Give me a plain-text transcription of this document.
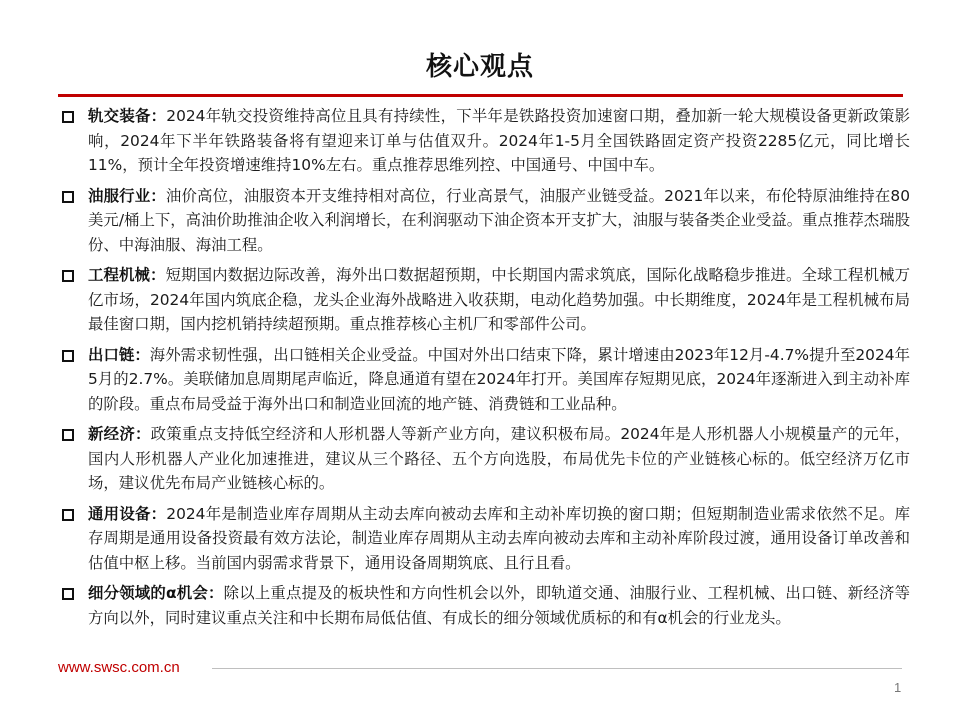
核心观点
轨交装备：2024年轨交投资维持高位且具有持续性，下半年是铁路投资加速窗口期，叠加新一轮大规模设备更新政策影响，2024年下半年铁路装备将有望迎来订单与估值双升。2024年1-5月全国铁路固定资产投资2285亿元，同比增长11%，预计全年投资增速维持10%左右。重点推荐思维列控、中国通号、中国中车。
油服行业：油价高位，油服资本开支维持相对高位，行业高景气，油服产业链受益。2021年以来，布伦特原油维持在80美元/桶上下，高油价助推油企收入利润增长，在利润驱动下油企资本开支扩大，油服与装备类企业受益。重点推荐杰瑞股份、中海油服、海油工程。
工程机械：短期国内数据边际改善，海外出口数据超预期，中长期国内需求筑底，国际化战略稳步推进。全球工程机械万亿市场，2024年国内筑底企稳，龙头企业海外战略进入收获期，电动化趋势加强。中长期维度，2024年是工程机械布局最佳窗口期，国内挖机销持续超预期。重点推荐核心主机厂和零部件公司。
出口链：海外需求韧性强，出口链相关企业受益。中国对外出口结束下降，累计增速由2023年12月-4.7%提升至2024年5月的2.7%。美联储加息周期尾声临近，降息通道有望在2024年打开。美国库存短期见底，2024年逐渐进入到主动补库的阶段。重点布局受益于海外出口和制造业回流的地产链、消费链和工业品种。
新经济：政策重点支持低空经济和人形机器人等新产业方向，建议积极布局。2024年是人形机器人小规模量产的元年，国内人形机器人产业化加速推进，建议从三个路径、五个方向选股，布局优先卡位的产业链核心标的。低空经济万亿市场，建议优先布局产业链核心标的。
通用设备：2024年是制造业库存周期从主动去库向被动去库和主动补库切换的窗口期；但短期制造业需求依然不足。库存周期是通用设备投资最有效方法论，制造业库存周期从主动去库向被动去库和主动补库阶段过渡，通用设备订单改善和估值中枢上移。当前国内弱需求背景下，通用设备周期筑底、且行且看。
细分领域的α机会：除以上重点提及的板块性和方向性机会以外，即轨道交通、油服行业、工程机械、出口链、新经济等方向以外，同时建议重点关注和中长期布局低估值、有成长的细分领域优质标的和有α机会的行业龙头。
www.swsc.com.cn
1
